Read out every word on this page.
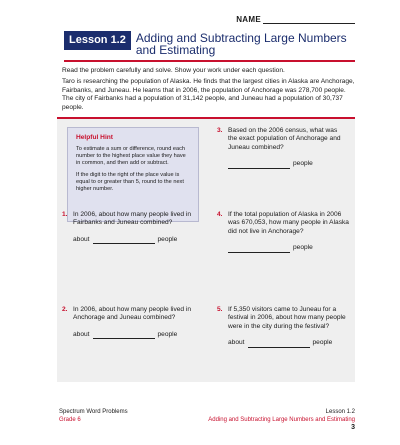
NAME
Lesson 1.2 Adding and Subtracting Large Numbers
and Estimating

Read the problem carefully and solve. Show your work under each question.

Taro is researching the population of Alaska. He finds that the largest cities in Alaska are Anchorage, Fairbanks, and Juneau. He learns that in 2006, the population of Anchorage was 278,700 people. The city of Fairbanks had a population of 31,142 people, and Juneau had a population of 30,737 people.

Helpful Hint

To estimate a sum or difference, round each number to the highest place value they have in common, and then add or subtract.

If the digit to the right of the place value is equal to or greater than 5, round to the next higher number.

3. Based on the 2006 census, what was the exact population of Anchorage and Juneau combined?
people
1. In 2006, about how many people lived in Fairbanks and Juneau combined?
about	people
4. If the total population of Alaska in 2006 was 670,053, how many people in Alaska did not live in Anchorage?
people
2. In 2006, about how many people lived in Anchorage and Juneau combined?
about	people
5. If 5,350 visitors came to Juneau for a festival in 2006, about how many people were in the city during the festival?
about	people
Spectrum Word Problems
Grade 6
Lesson 1.2
Adding and Subtracting Large Numbers and Estimating
3
